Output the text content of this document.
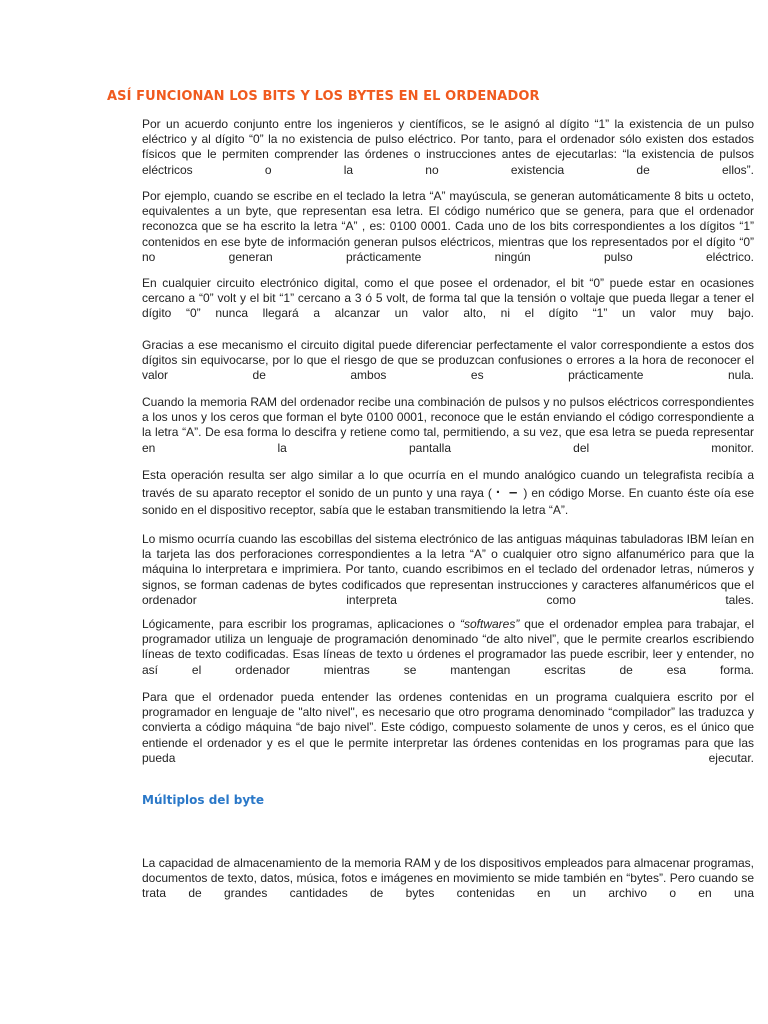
ASÍ FUNCIONAN LOS BITS Y LOS BYTES EN EL ORDENADOR

Por un acuerdo conjunto entre los ingenieros y científicos, se le asignó al dígito “1” la existencia de un pulso eléctrico y al dígito “0” la no existencia de pulso eléctrico. Por tanto, para el ordenador sólo existen dos estados físicos que le permiten comprender las órdenes o instrucciones antes de ejecutarlas: “la existencia de pulsos eléctricos o la no existencia de ellos”.

Por ejemplo, cuando se escribe en el teclado la letra “A” mayúscula, se generan automáticamente 8 bits u octeto, equivalentes a un byte, que representan esa letra. El código numérico que se genera, para que el ordenador reconozca que se ha escrito la letra “A” , es: 0100 0001. Cada uno de los bits correspondientes a los dígitos “1” contenidos en ese byte de información generan pulsos eléctricos, mientras que los representados por el dígito “0” no generan prácticamente ningún pulso eléctrico.

En cualquier circuito electrónico digital, como el que posee el ordenador, el bit “0” puede estar en ocasiones cercano a “0” volt y el bit “1” cercano a 3 ó 5 volt, de forma tal que la tensión o voltaje que pueda llegar a tener el dígito “0” nunca llegará a alcanzar un valor alto, ni el dígito “1” un valor muy bajo.

Gracias a ese mecanismo el circuito digital puede diferenciar perfectamente el valor correspondiente a estos dos dígitos sin equivocarse, por lo que el riesgo de que se produzcan confusiones o errores a la hora de reconocer el valor de ambos es prácticamente nula.

Cuando la memoria RAM del ordenador recibe una combinación de pulsos y no pulsos eléctricos correspondientes a los unos y los ceros que forman el byte 0100 0001, reconoce que le están enviando el código correspondiente a la letra “A”. De esa forma lo descifra y retiene como tal, permitiendo, a su vez, que esa letra se pueda representar en la pantalla del monitor.

Esta operación resulta ser algo similar a lo que ocurría en el mundo analógico cuando un telegrafista recibía a través de su aparato receptor el sonido de un punto y una raya ( · – ) en código Morse. En cuanto éste oía ese sonido en el dispositivo receptor, sabía que le estaban transmitiendo la letra “A”.

Lo mismo ocurría cuando las escobillas del sistema electrónico de las antiguas máquinas tabuladoras IBM leían en la tarjeta las dos perforaciones correspondientes a la letra “A” o cualquier otro signo alfanumérico para que la máquina lo interpretara e imprimiera. Por tanto, cuando escribimos en el teclado del ordenador letras, números y signos, se forman cadenas de bytes codificados que representan instrucciones y caracteres alfanuméricos que el ordenador interpreta como tales.

Lógicamente, para escribir los programas, aplicaciones o “softwares” que el ordenador emplea para trabajar, el programador utiliza un lenguaje de programación denominado “de alto nivel”, que le permite crearlos escribiendo líneas de texto codificadas. Esas líneas de texto u órdenes el programador las puede escribir, leer y entender, no así el ordenador mientras se mantengan escritas de esa forma.

Para que el ordenador pueda entender las ordenes contenidas en un programa cualquiera escrito por el programador en lenguaje de "alto nivel", es necesario que otro programa denominado “compilador” las traduzca y convierta a código máquina “de bajo nivel”. Este código, compuesto solamente de unos y ceros, es el único que entiende el ordenador y es el que le permite interpretar las órdenes contenidas en los programas para que las pueda ejecutar.

Múltiplos del byte

La capacidad de almacenamiento de la memoria RAM y de los dispositivos empleados para almacenar programas, documentos de texto, datos, música, fotos e imágenes en movimiento se mide también en “bytes”. Pero cuando se trata de grandes cantidades de bytes contenidas en un archivo o en una
